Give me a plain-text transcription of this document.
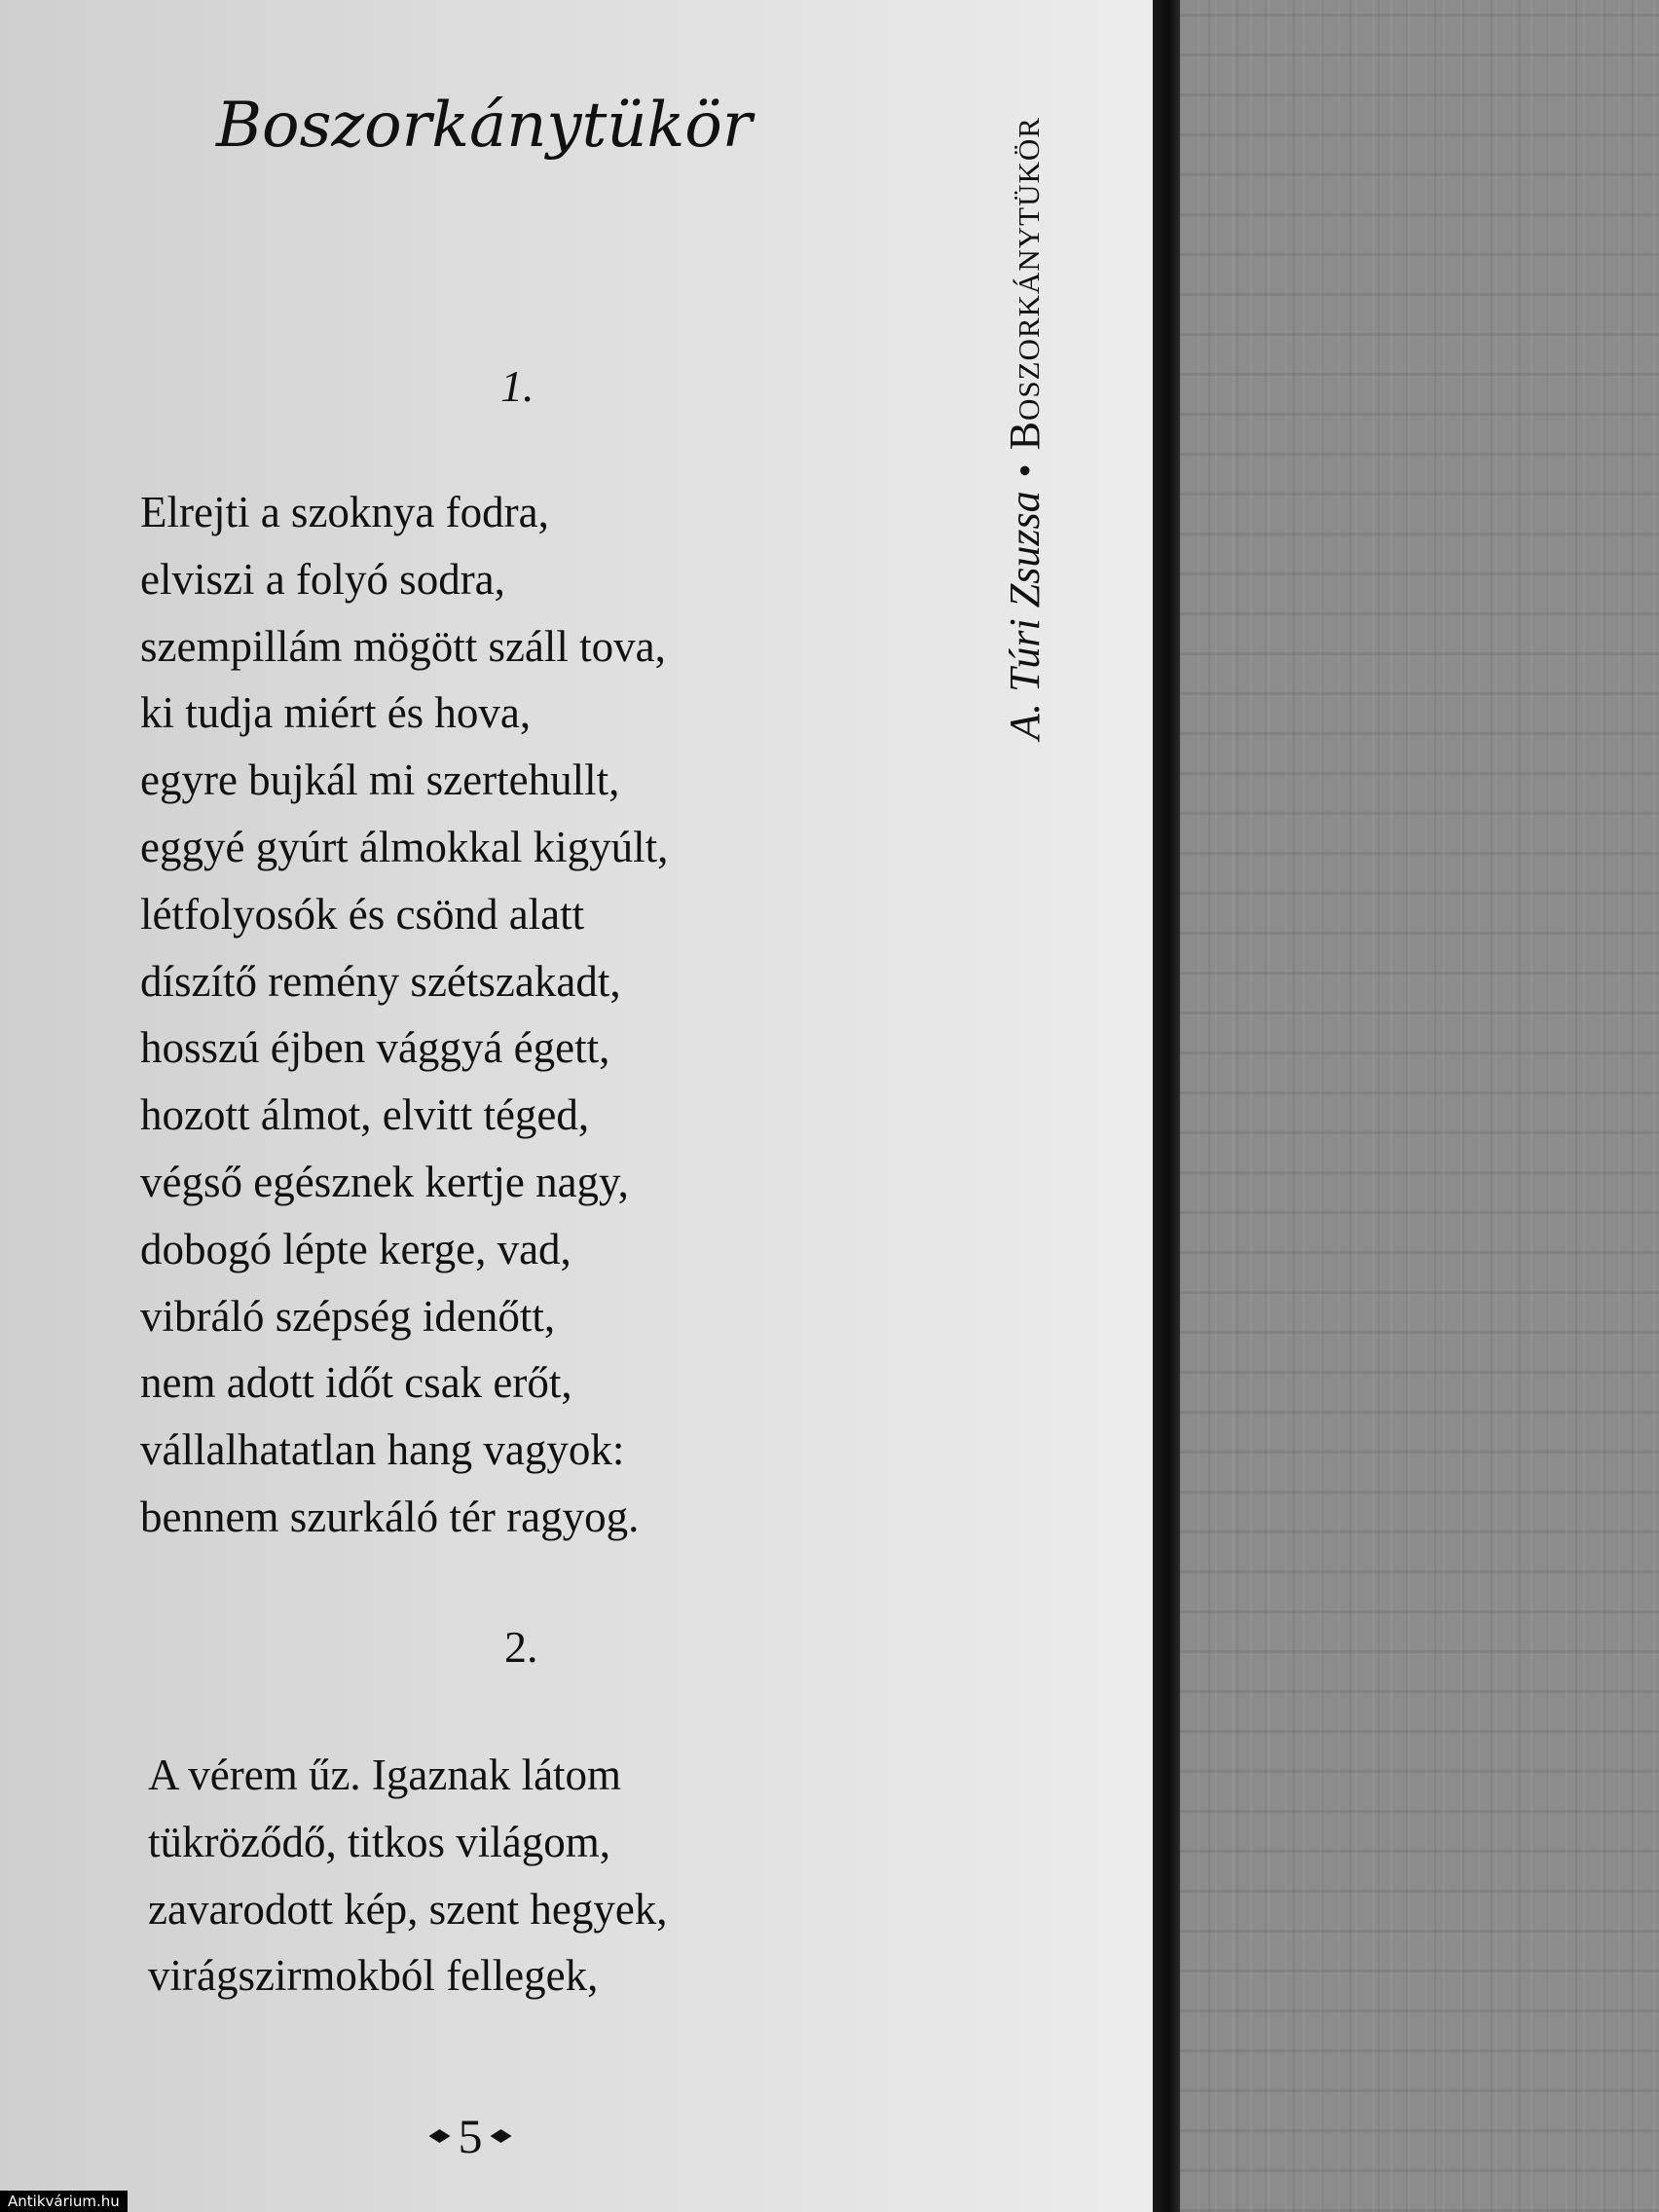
Boszorkánytükör
A. Túri Zsuzsa
•
Boszorkánytükör
1.
Elrejti a szoknya fodra,
elviszi a folyó sodra,
szempillám mögött száll tova,
ki tudja miért és hova,
egyre bujkál mi szertehullt,
eggyé gyúrt álmokkal kigyúlt,
létfolyosók és csönd alatt
díszítő remény szétszakadt,
hosszú éjben vággyá égett,
hozott álmot, elvitt téged,
végső egésznek kertje nagy,
dobogó lépte kerge, vad,
vibráló szépség idenőtt,
nem adott időt csak erőt,
vállalhatatlan hang vagyok:
bennem szurkáló tér ragyog.
2.
A vérem űz. Igaznak látom
tükröződő, titkos világom,
zavarodott kép, szent hegyek,
virágszirmokból fellegek,
5
Antikvárium.hu
